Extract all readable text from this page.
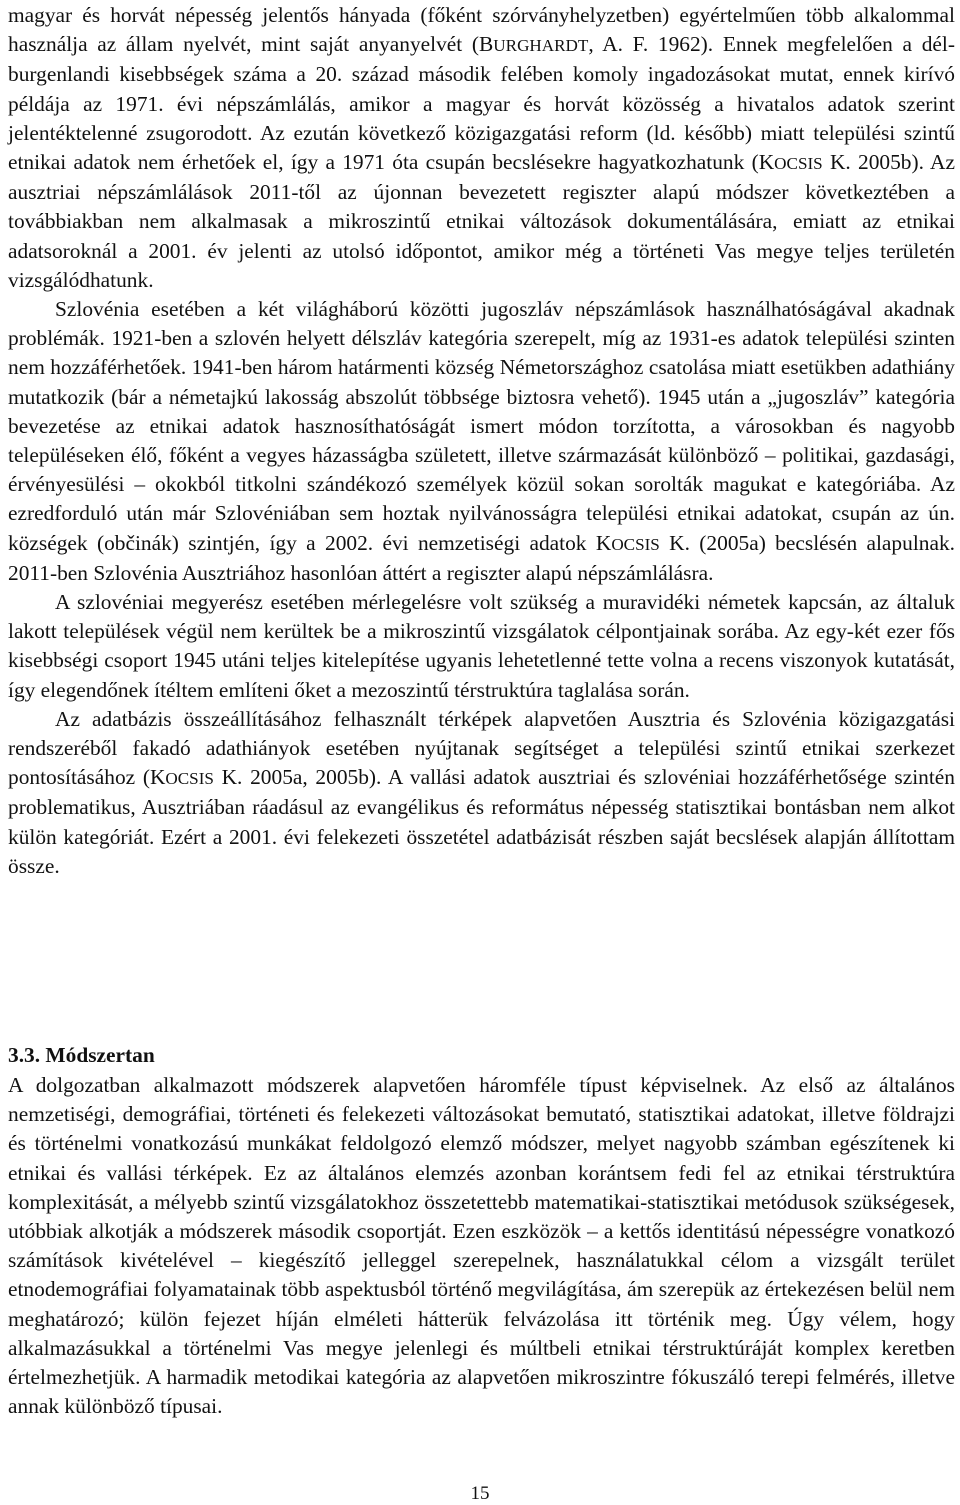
magyar és horvát népesség jelentős hányada (főként szórványhelyzetben) egyértelműen több alkalommal használja az állam nyelvét, mint saját anyanyelvét (BURGHARDT, A. F. 1962). Ennek megfelelően a dél-burgenlandi kisebbségek száma a 20. század második felében komoly ingadozásokat mutat, ennek kirívó példája az 1971. évi népszámlálás, amikor a magyar és horvát közösség a hivatalos adatok szerint jelentéktelenné zsugorodott. Az ezután következő közigazgatási reform (ld. később) miatt települési szintű etnikai adatok nem érhetőek el, így a 1971 óta csupán becslésekre hagyatkozhatunk (KOCSIS K. 2005b). Az ausztriai népszámlálások 2011-től az újonnan bevezetett regiszter alapú módszer következtében a továbbiakban nem alkalmasak a mikroszintű etnikai változások dokumentálására, emiatt az etnikai adatsoroknál a 2001. év jelenti az utolsó időpontot, amikor még a történeti Vas megye teljes területén vizsgálódhatunk.

Szlovénia esetében a két világháború közötti jugoszláv népszámlások használhatóságával akadnak problémák. 1921-ben a szlovén helyett délszláv kategória szerepelt, míg az 1931-es adatok települési szinten nem hozzáférhetőek. 1941-ben három határmenti község Németországhoz csatolása miatt esetükben adathiány mutatkozik (bár a németajkú lakosság abszolút többsége biztosra vehető). 1945 után a „jugoszláv” kategória bevezetése az etnikai adatok hasznosíthatóságát ismert módon torzította, a városokban és nagyobb településeken élő, főként a vegyes házasságba született, illetve származását különböző – politikai, gazdasági, érvényesülési – okokból titkolni szándékozó személyek közül sokan sorolták magukat e kategóriába. Az ezredforduló után már Szlovéniában sem hoztak nyilvánosságra települési etnikai adatokat, csupán az ún. községek (občinák) szintjén, így a 2002. évi nemzetiségi adatok KOCSIS K. (2005a) becslésén alapulnak. 2011-ben Szlovénia Ausztriához hasonlóan áttért a regiszter alapú népszámlálásra.

A szlovéniai megyerész esetében mérlegelésre volt szükség a muravidéki németek kapcsán, az általuk lakott települések végül nem kerültek be a mikroszintű vizsgálatok célpontjainak sorába. Az egy-két ezer fős kisebbségi csoport 1945 utáni teljes kitelepítése ugyanis lehetetlenné tette volna a recens viszonyok kutatását, így elegendőnek ítéltem említeni őket a mezoszintű térstruktúra taglalása során.

Az adatbázis összeállításához felhasznált térképek alapvetően Ausztria és Szlovénia közigazgatási rendszeréből fakadó adathiányok esetében nyújtanak segítséget a települési szintű etnikai szerkezet pontosításához (KOCSIS K. 2005a, 2005b). A vallási adatok ausztriai és szlovéniai hozzáférhetősége szintén problematikus, Ausztriában ráadásul az evangélikus és református népesség statisztikai bontásban nem alkot külön kategóriát. Ezért a 2001. évi felekezeti összetétel adatbázisát részben saját becslések alapján állítottam össze.

3.3. Módszertan

A dolgozatban alkalmazott módszerek alapvetően háromféle típust képviselnek. Az első az általános nemzetiségi, demográfiai, történeti és felekezeti változásokat bemutató, statisztikai adatokat, illetve földrajzi és történelmi vonatkozású munkákat feldolgozó elemző módszer, melyet nagyobb számban egészítenek ki etnikai és vallási térképek. Ez az általános elemzés azonban korántsem fedi fel az etnikai térstruktúra komplexitását, a mélyebb szintű vizsgálatokhoz összetettebb matematikai-statisztikai metódusok szükségesek, utóbbiak alkotják a módszerek második csoportját. Ezen eszközök – a kettős identitású népességre vonatkozó számítások kivételével – kiegészítő jelleggel szerepelnek, használatukkal célom a vizsgált terület etnodemográfiai folyamatainak több aspektusból történő megvilágítása, ám szerepük az értekezésen belül nem meghatározó; külön fejezet híján elméleti hátterük felvázolása itt történik meg. Úgy vélem, hogy alkalmazásukkal a történelmi Vas megye jelenlegi és múltbeli etnikai térstruktúráját komplex keretben értelmezhetjük. A harmadik metodikai kategória az alapvetően mikroszintre fókuszáló terepi felmérés, illetve annak különböző típusai.

15
